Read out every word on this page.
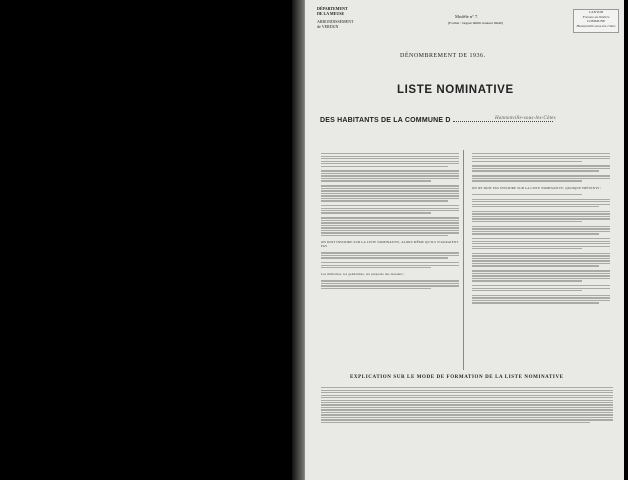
DÉPARTEMENT
DE LA MEUSE
ARRONDISSEMENT
de VERDUN
Modèle n° 7.
(Format : largeur 0m60, hauteur 0m40)
CANTON
Fresnes-en-Woëvre
COMMUNE
Hannonville-sous-les-Côtes
DÉNOMBREMENT DE 1936.
LISTE NOMINATIVE
DES HABITANTS DE LA COMMUNE D	Hannonville-sous-les-Côtes
ON DOIT INSCRIRE SUR LA LISTE NOMINATIVE, ALORS MÊME QU'ILS N'AURAIENT PAS
Les militaires, les gendarmes, les préposés des douanes ;
ON NE DOIT PAS INSCRIRE SUR LA LISTE NOMINATIVE, QUOIQUE PRÉSENTS :
EXPLICATION SUR LE MODE DE FORMATION DE LA LISTE NOMINATIVE
